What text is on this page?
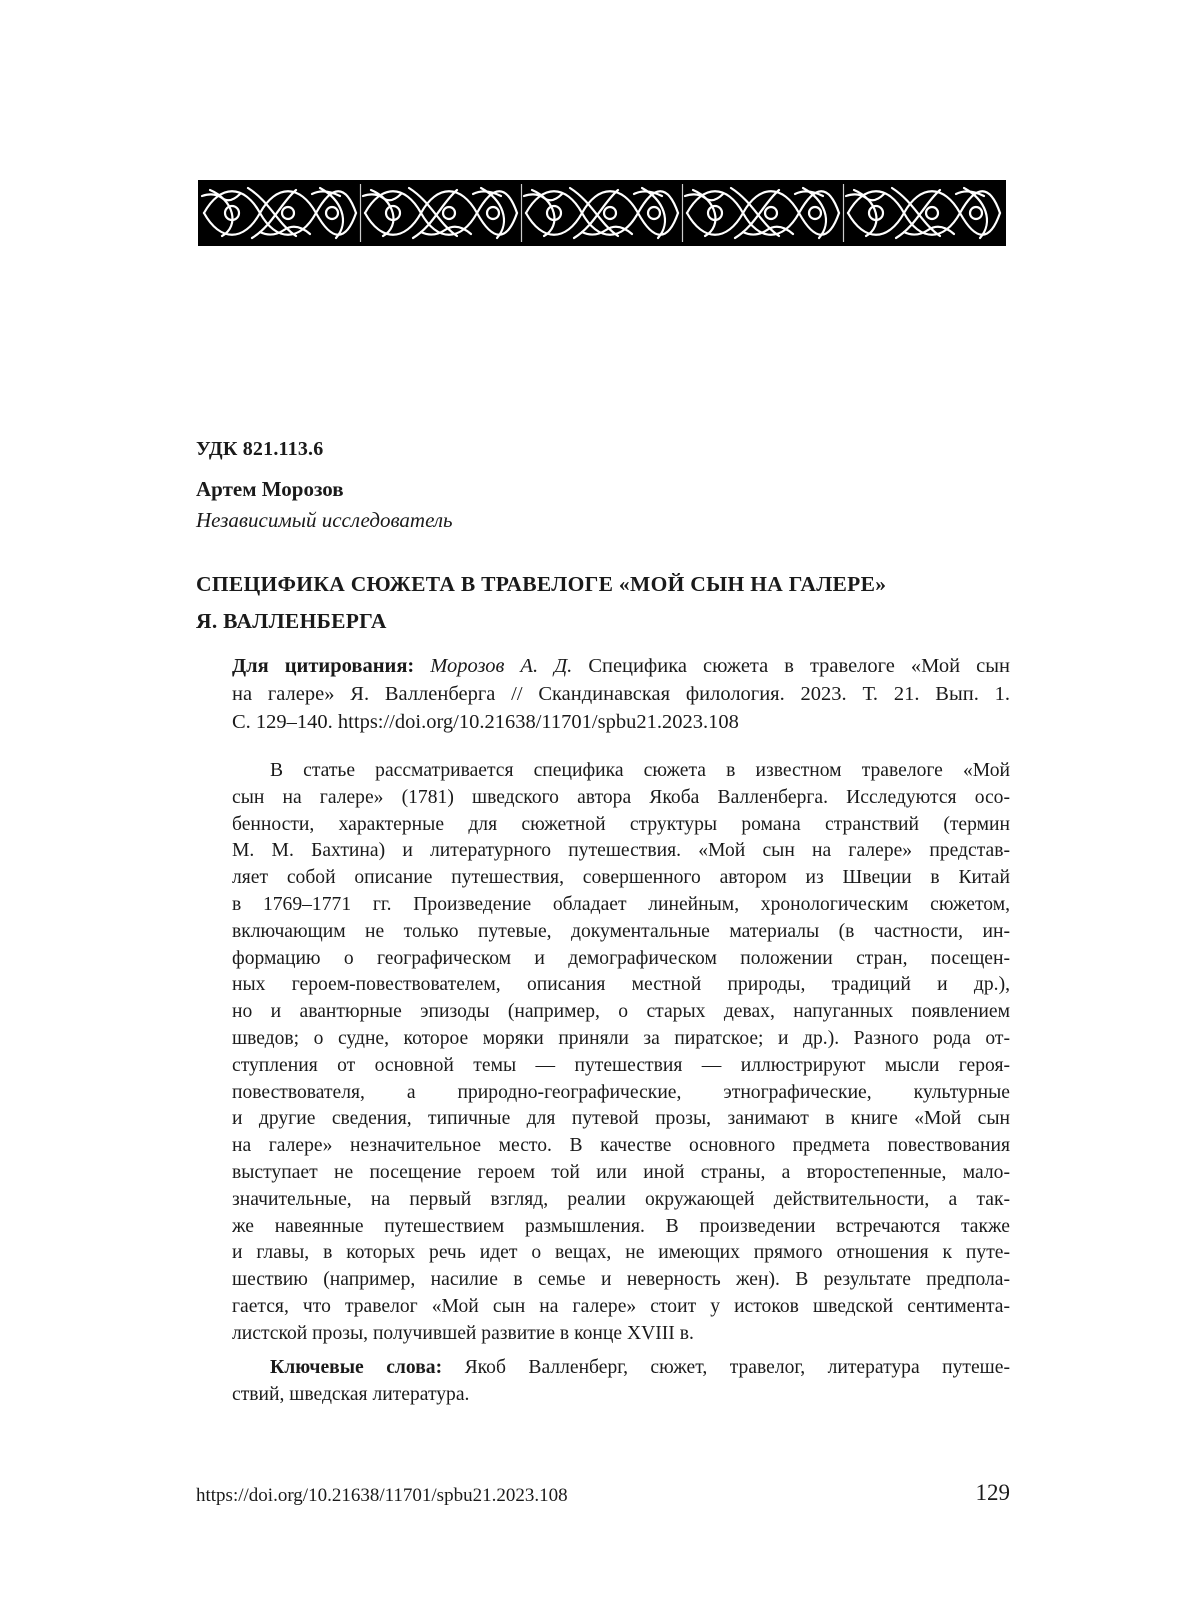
УДК 821.113.6
Артем Морозов
Независимый исследователь
СПЕЦИФИКА СЮЖЕТА В ТРАВЕЛОГЕ «МОЙ СЫН НА ГАЛЕРЕ»
Я. ВАЛЛЕНБЕРГА
Для цитирования: Морозов А. Д. Специфика сюжета в травелоге «Мой сын
на галере» Я. Валленберга // Скандинавская филология. 2023. Т. 21. Вып. 1.
С. 129–140. https://doi.org/10.21638/11701/spbu21.2023.108
В статье рассматривается специфика сюжета в известном травелоге «Мой
сын на галере» (1781) шведского автора Якоба Валленберга. Исследуются осо-
бенности, характерные для сюжетной структуры романа странствий (термин
М. М. Бахтина) и литературного путешествия. «Мой сын на галере» представ-
ляет собой описание путешествия, совершенного автором из Швеции в Китай
в 1769–1771 гг. Произведение обладает линейным, хронологическим сюжетом,
включающим не только путевые, документальные материалы (в частности, ин-
формацию о географическом и демографическом положении стран, посещен-
ных героем-повествователем, описания местной природы, традиций и др.),
но и авантюрные эпизоды (например, о старых девах, напуганных появлением
шведов; о судне, которое моряки приняли за пиратское; и др.). Разного рода от-
ступления от основной темы — путешествия — иллюстрируют мысли героя-
повествователя, а природно-географические, этнографические, культурные
и другие сведения, типичные для путевой прозы, занимают в книге «Мой сын
на галере» незначительное место. В качестве основного предмета повествования
выступает не посещение героем той или иной страны, а второстепенные, мало-
значительные, на первый взгляд, реалии окружающей действительности, а так-
же навеянные путешествием размышления. В произведении встречаются также
и главы, в которых речь идет о вещах, не имеющих прямого отношения к путе-
шествию (например, насилие в семье и неверность жен). В результате предпола-
гается, что травелог «Мой сын на галере» стоит у истоков шведской сентимента-
листской прозы, получившей развитие в конце XVIII в.
Ключевые слова: Якоб Валленберг, сюжет, травелог, литература путеше-
ствий, шведская литература.
https://doi.org/10.21638/11701/spbu21.2023.108	129
